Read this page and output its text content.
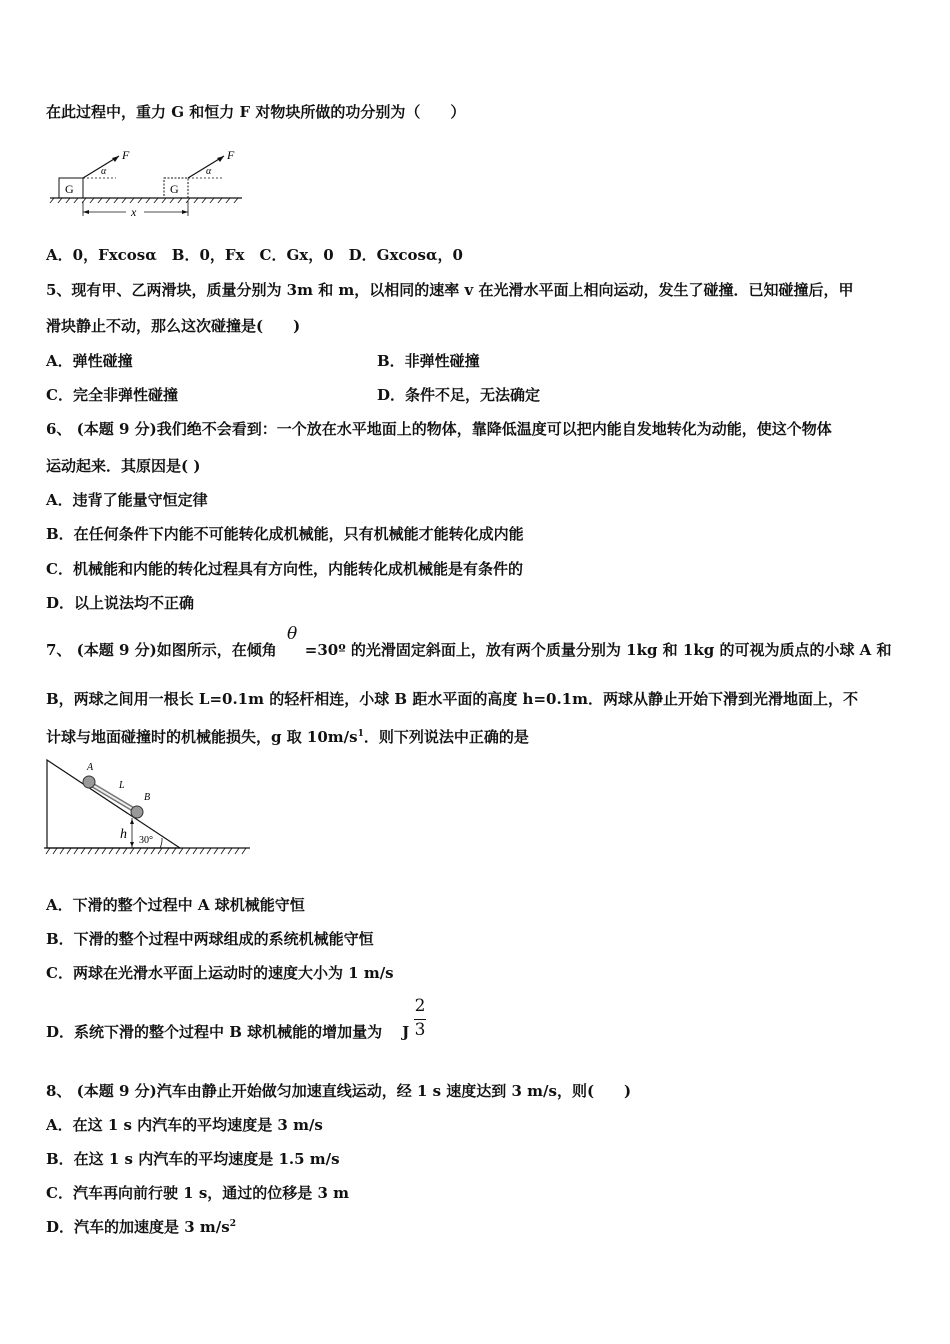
在此过程中，重力 G 和恒力 F 对物块所做的功分别为（　　）
G
F
α
G
F
α
x
A．0，Fxcosα　B．0，Fx　C．Gx，0　D．Gxcosα，0
5、现有甲、乙两滑块，质量分别为 3m 和 m，以相同的速率 v 在光滑水平面上相向运动，发生了碰撞．已知碰撞后，甲
滑块静止不动，那么这次碰撞是(　　)
A．弹性碰撞	B．非弹性碰撞
C．完全非弹性碰撞	D．条件不足，无法确定
6、 (本题 9 分)我们绝不会看到：一个放在水平地面上的物体，靠降低温度可以把内能自发地转化为动能，使这个物体
运动起来．其原因是( )
A．违背了能量守恒定律
B．在任何条件下内能不可能转化成机械能，只有机械能才能转化成内能
C．机械能和内能的转化过程具有方向性，内能转化成机械能是有条件的
D．以上说法均不正确
7、 (本题 9 分)如图所示，在倾角 =30º 的光滑固定斜面上，放有两个质量分别为 1kg 和 1kg 的可视为质点的小球 A 和
θ
B，两球之间用一根长 L=0.1m 的轻杆相连，小球 B 距水平面的高度 h=0.1m．两球从静止开始下滑到光滑地面上，不
计球与地面碰撞时的机械能损失，g 取 $10m/s^1$．则下列说法中正确的是
A
B
L
h 30°
A．下滑的整个过程中 A 球机械能守恒
B．下滑的整个过程中两球组成的系统机械能守恒
C．两球在光滑水平面上运动时的速度大小为 1 m/s
D．系统下滑的整个过程中 B 球机械能的增加量为 J
2
3
8、 (本题 9 分)汽车由静止开始做匀加速直线运动，经 1 s 速度达到 3 m/s，则(　　)
A．在这 1 s 内汽车的平均速度是 3 m/s
B．在这 1 s 内汽车的平均速度是 1.5 m/s
C．汽车再向前行驶 1 s，通过的位移是 3 m
D．汽车的加速度是 3 $m/s^2$
